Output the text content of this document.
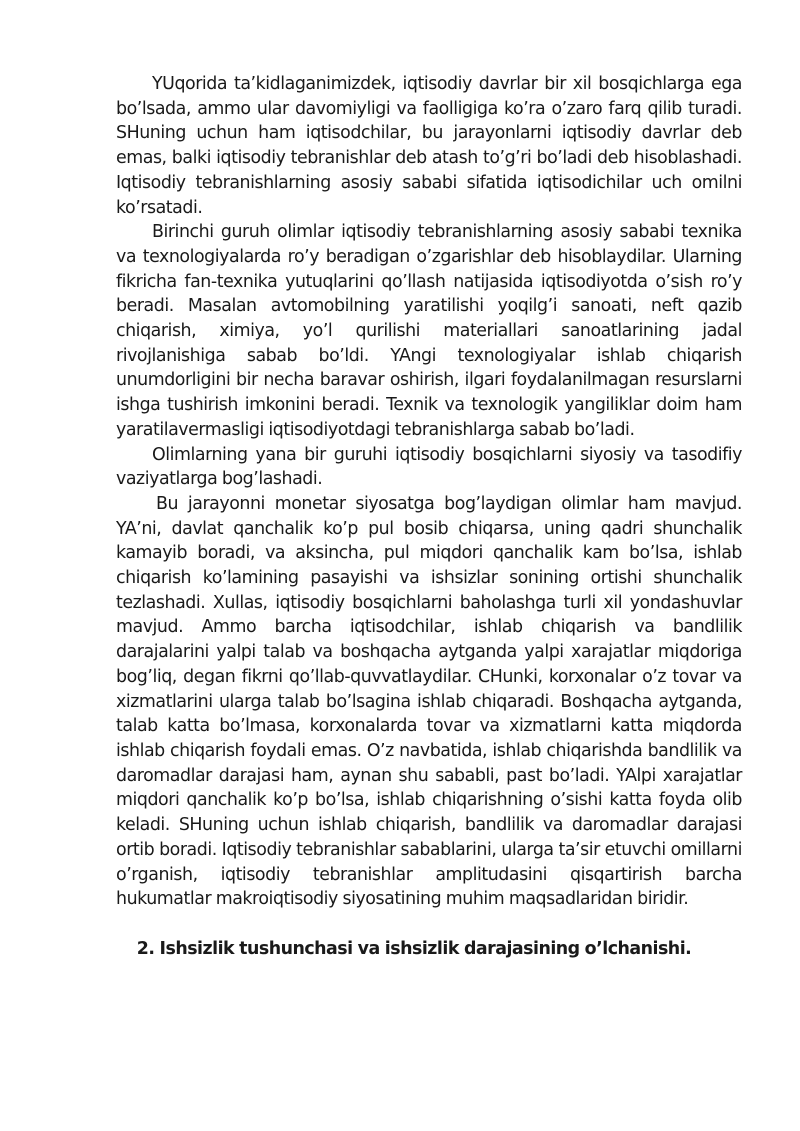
YUqorida ta’kidlaganimizdek, iqtisodiy davrlar bir xil bosqichlarga ega bo’lsada, ammo ular davomiyligi va faolligiga ko’ra o’zaro farq qilib turadi. SHuning uchun ham iqtisodchilar, bu jarayonlarni iqtisodiy davrlar deb emas, balki iqtisodiy tebranishlar deb atash to’g’ri bo’ladi deb hisoblashadi. Iqtisodiy tebranishlarning asosiy sababi sifatida iqtisodichilar uch omilni ko’rsatadi.

Birinchi guruh olimlar iqtisodiy tebranishlarning asosiy sababi texnika va texnologiyalarda ro’y beradigan o’zgarishlar deb hisoblaydilar. Ularning fikricha fan-texnika yutuqlarini qo’llash natijasida iqtisodiyotda o’sish ro’y beradi. Masalan avtomobilning yaratilishi yoqilg’i sanoati, neft qazib chiqarish, ximiya, yo’l qurilishi materiallari sanoatlarining jadal rivojlanishiga sabab bo’ldi. YAngi texnologiyalar ishlab chiqarish unumdorligini bir necha baravar oshirish, ilgari foydalanilmagan resurslarni ishga tushirish imkonini beradi. Texnik va texnologik yangiliklar doim ham yaratilavermasligi iqtisodiyotdagi tebranishlarga sabab bo’ladi.

Olimlarning yana bir guruhi iqtisodiy bosqichlarni siyosiy va tasodifiy vaziyatlarga bog’lashadi.

Bu jarayonni monetar siyosatga bog’laydigan olimlar ham mavjud. YA’ni, davlat qanchalik ko’p pul bosib chiqarsa, uning qadri shunchalik kamayib boradi, va aksincha, pul miqdori qanchalik kam bo’lsa, ishlab chiqarish ko’lamining pasayishi va ishsizlar sonining ortishi shunchalik tezlashadi. Xullas, iqtisodiy bosqichlarni baholashga turli xil yondashuvlar mavjud. Ammo barcha iqtisodchilar, ishlab chiqarish va bandlilik darajalarini yalpi talab va boshqacha aytganda yalpi xarajatlar miqdoriga bog’liq, degan fikrni qo’llab-quvvatlaydilar. CHunki, korxonalar o’z tovar va xizmatlarini ularga talab bo’lsagina ishlab chiqaradi. Boshqacha aytganda, talab katta bo’lmasa, korxonalarda tovar va xizmatlarni katta miqdorda ishlab chiqarish foydali emas. O’z navbatida, ishlab chiqarishda bandlilik va daromadlar darajasi ham, aynan shu sababli, past bo’ladi. YAlpi xarajatlar miqdori qanchalik ko’p bo’lsa, ishlab chiqarishning o’sishi katta foyda olib keladi. SHuning uchun ishlab chiqarish, bandlilik va daromadlar darajasi ortib boradi. Iqtisodiy tebranishlar sabablarini, ularga ta’sir etuvchi omillarni o’rganish, iqtisodiy tebranishlar amplitudasini qisqartirish barcha hukumatlar makroiqtisodiy siyosatining muhim maqsadlaridan biridir.

2. Ishsizlik tushunchasi va ishsizlik darajasining o’lchanishi.
